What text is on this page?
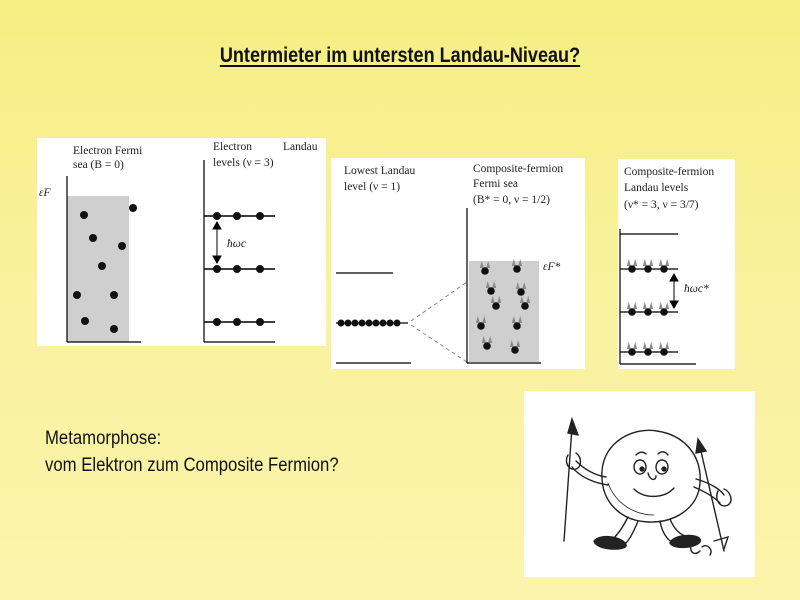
Untermieter im untersten Landau-Niveau?
Electron Fermi
sea (B = 0)
Electron	Landau
levels (ν = 3)
εF
ħωc
Lowest Landau
level (ν = 1)
Composite-fermion
Fermi sea
(B* = 0, ν = 1/2)
εF*
Composite-fermion
Landau levels
(ν* = 3, ν = 3/7)
ħωc*
Metamorphose:
vom Elektron zum Composite Fermion?
